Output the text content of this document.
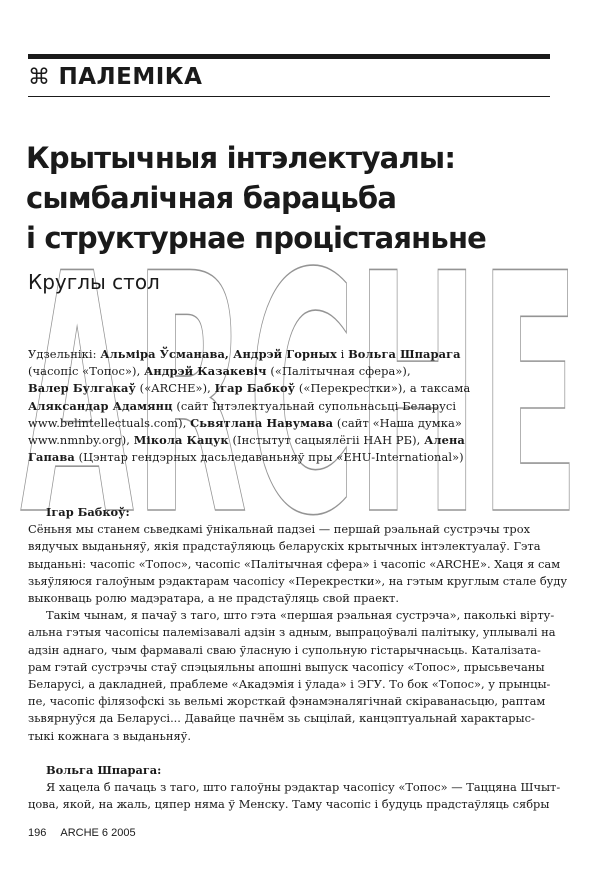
ARCHE
⌘ ПАЛЕМІКА
Крытычныя інтэлектуалы:
сымбалічная барацьба
і структурнае процістаяньне
Круглы стол
Удзельнікі: Альміра Ўсманава, Андрэй Горных і Вольга Шпарага
(часопіс «Топос»), Андрэй Казакевіч («Палітычная сфера»),
Валер Булгакаў («ARCHE»), Ігар Бабкоў («Перекрестки»), а таксама
Аляксандар Адамянц (сайт Інтэлектуальнай супольнасьці Беларусі
www.belintellectuals.com), Сьвятлана Навумава (сайт «Наша думка»
www.nmnby.org), Мікола Кацук (Інстытут сацыялёгіі НАН РБ), Алена
Гапава (Цэнтар гендэрных дасьледаваньняў пры «EHU-International»)
Ігар Бабкоў:
Сёньня мы станем сьведкамі ўнікальнай падзеі — першай рэальнай сустрэчы трох
вядучых выданьняў, якія прадстаўляюць беларускіх крытычных інтэлектуалаў. Гэта
выданьні: часопіс «Топос», часопіс «Палітычная сфера» і часопіс «ARCHE». Хаця я сам
зьяўляюся галоўным рэдактарам часопісу «Перекрестки», на гэтым круглым стале буду
выконваць ролю мадэратара, а не прадстаўляць свой праект.
Такім чынам, я пачаў з таго, што гэта «першая рэальная сустрэча», паколькі вірту-
альна гэтыя часопісы палемізавалі адзін з адным, выпрацоўвалі палітыку, уплывалі на
адзін аднаго, чым фармавалі сваю ўласную і супольную гістарычнасьць. Каталізата-
рам гэтай сустрэчы стаў спэцыяльны апошні выпуск часопісу «Топос», прысьвечаны
Беларусі, а дакладней, праблеме «Акадэмія і ўлада» і ЭГУ. То бок «Топос», у прынцы-
пе, часопіс філязофскі зь вельмі жорсткай фэнамэналягічнай скіраванасьцю, раптам
зьвярнуўся да Беларусі... Давайце пачнём зь сыцілай, канцэптуальнай характарыс-
тыкі кожнага з выданьняў.
Вольга Шпарага:
Я хацела б пачаць з таго, што галоўны рэдактар часопісу «Топос» — Таццяна Шчыт-
цова, якой, на жаль, цяпер няма ў Менску. Таму часопіс і будуць прадстаўляць сябры
196 ARCHE 6 2005
